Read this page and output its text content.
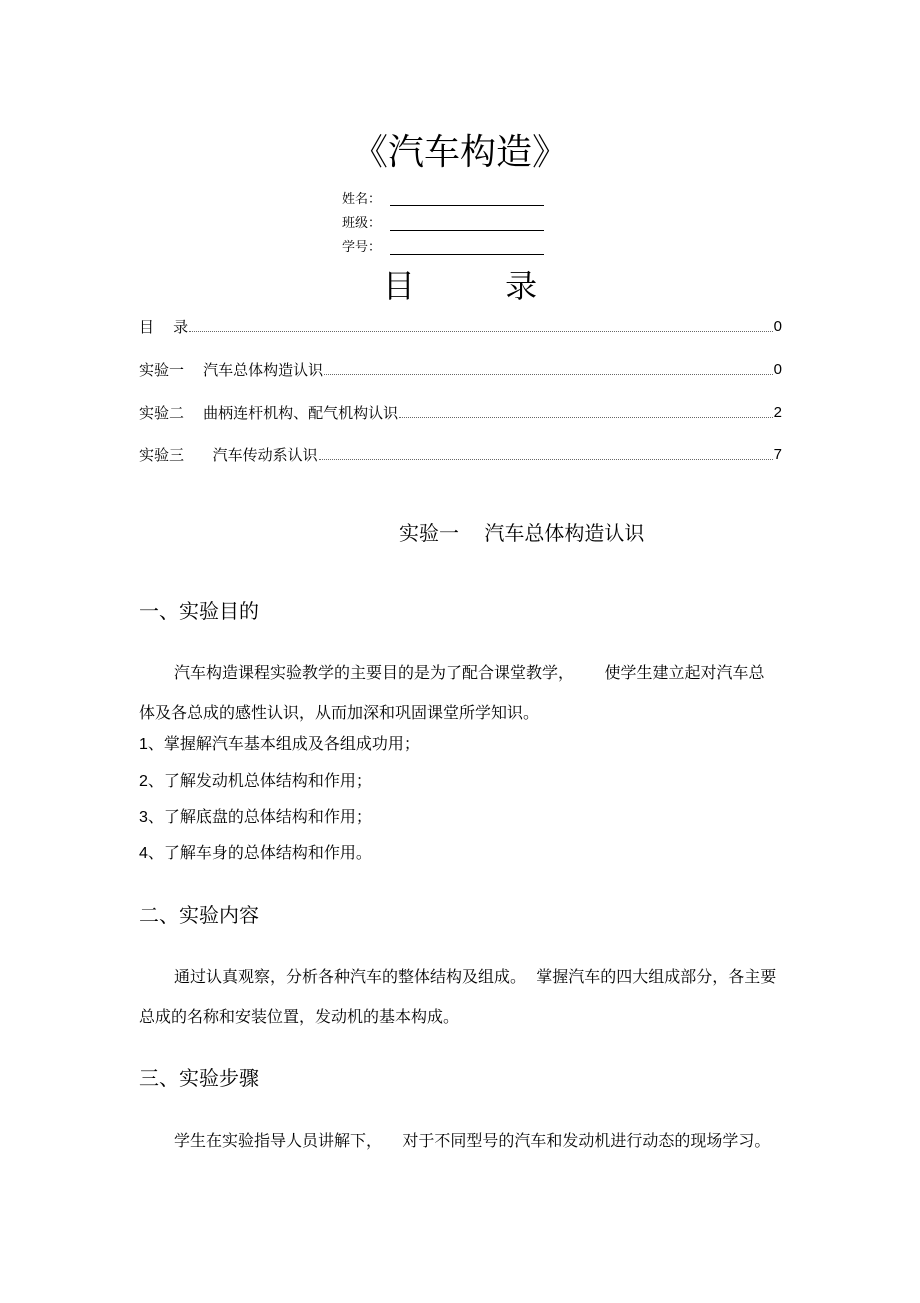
《汽车构造》
姓名：
班级：
学号：
目 录
目    录	0
实验一    汽车总体构造认识	0
实验二    曲柄连杆机构、配气机构认识	2
实验三      汽车传动系认识	7
实验一    汽车总体构造认识
一、实验目的
汽车构造课程实验教学的主要目的是为了配合课堂教学， 使学生建立起对汽车总体及各总成的感性认识，从而加深和巩固课堂所学知识。
1、掌握解汽车基本组成及各组成功用；
2、了解发动机总体结构和作用；
3、了解底盘的总体结构和作用；
4、了解车身的总体结构和作用。
二、实验内容
通过认真观察，分析各种汽车的整体结构及组成。 掌握汽车的四大组成部分，各主要总成的名称和安装位置，发动机的基本构成。
三、实验步骤
学生在实验指导人员讲解下， 对于不同型号的汽车和发动机进行动态的现场学习。
